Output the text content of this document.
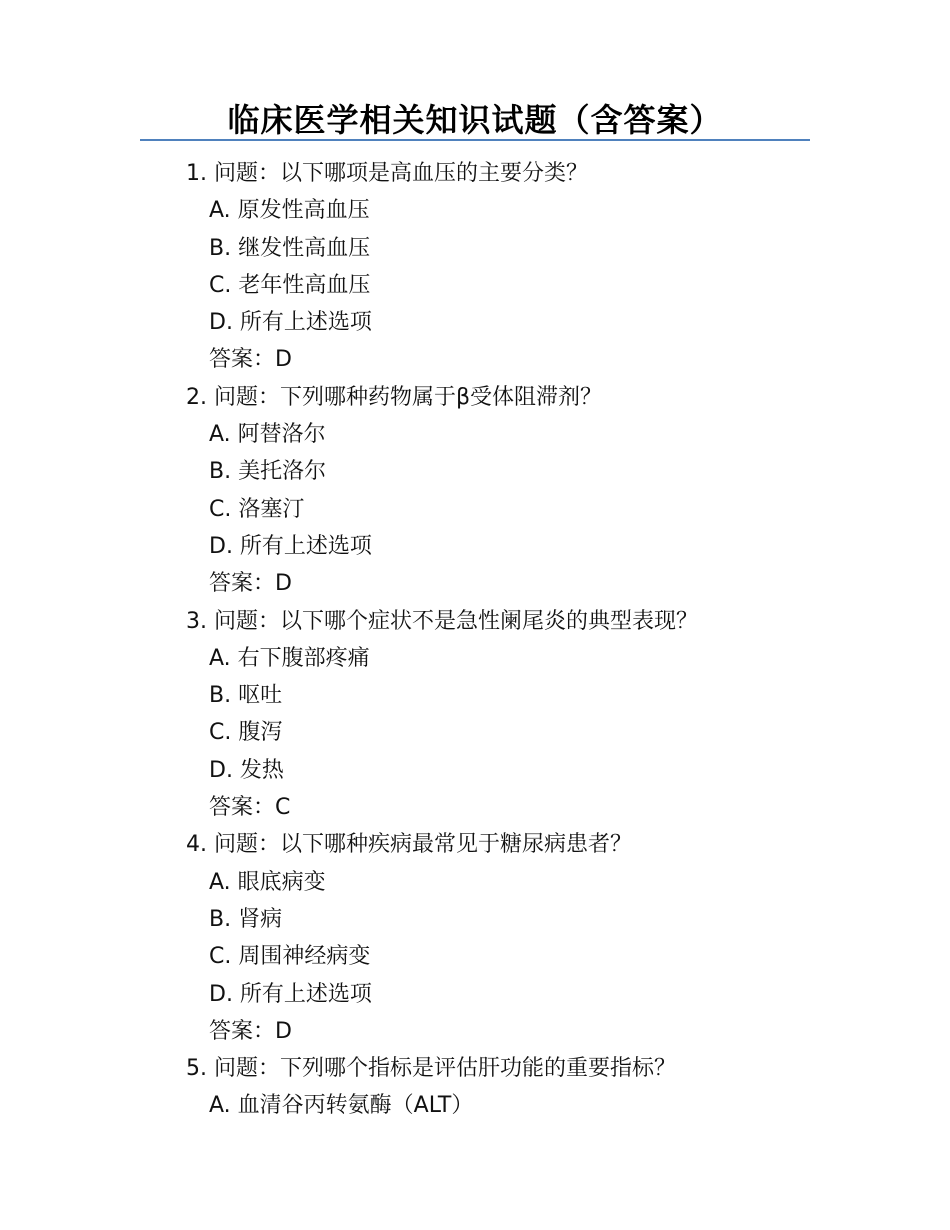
临床医学相关知识试题（含答案）
1. 问题：以下哪项是高血压的主要分类？
A. 原发性高血压
B. 继发性高血压
C. 老年性高血压
D. 所有上述选项
答案：D
2. 问题：下列哪种药物属于β受体阻滞剂？
A. 阿替洛尔
B. 美托洛尔
C. 洛塞汀
D. 所有上述选项
答案：D
3. 问题：以下哪个症状不是急性阑尾炎的典型表现？
A. 右下腹部疼痛
B. 呕吐
C. 腹泻
D. 发热
答案：C
4. 问题：以下哪种疾病最常见于糖尿病患者？
A. 眼底病变
B. 肾病
C. 周围神经病变
D. 所有上述选项
答案：D
5. 问题：下列哪个指标是评估肝功能的重要指标？
A. 血清谷丙转氨酶（ALT）
